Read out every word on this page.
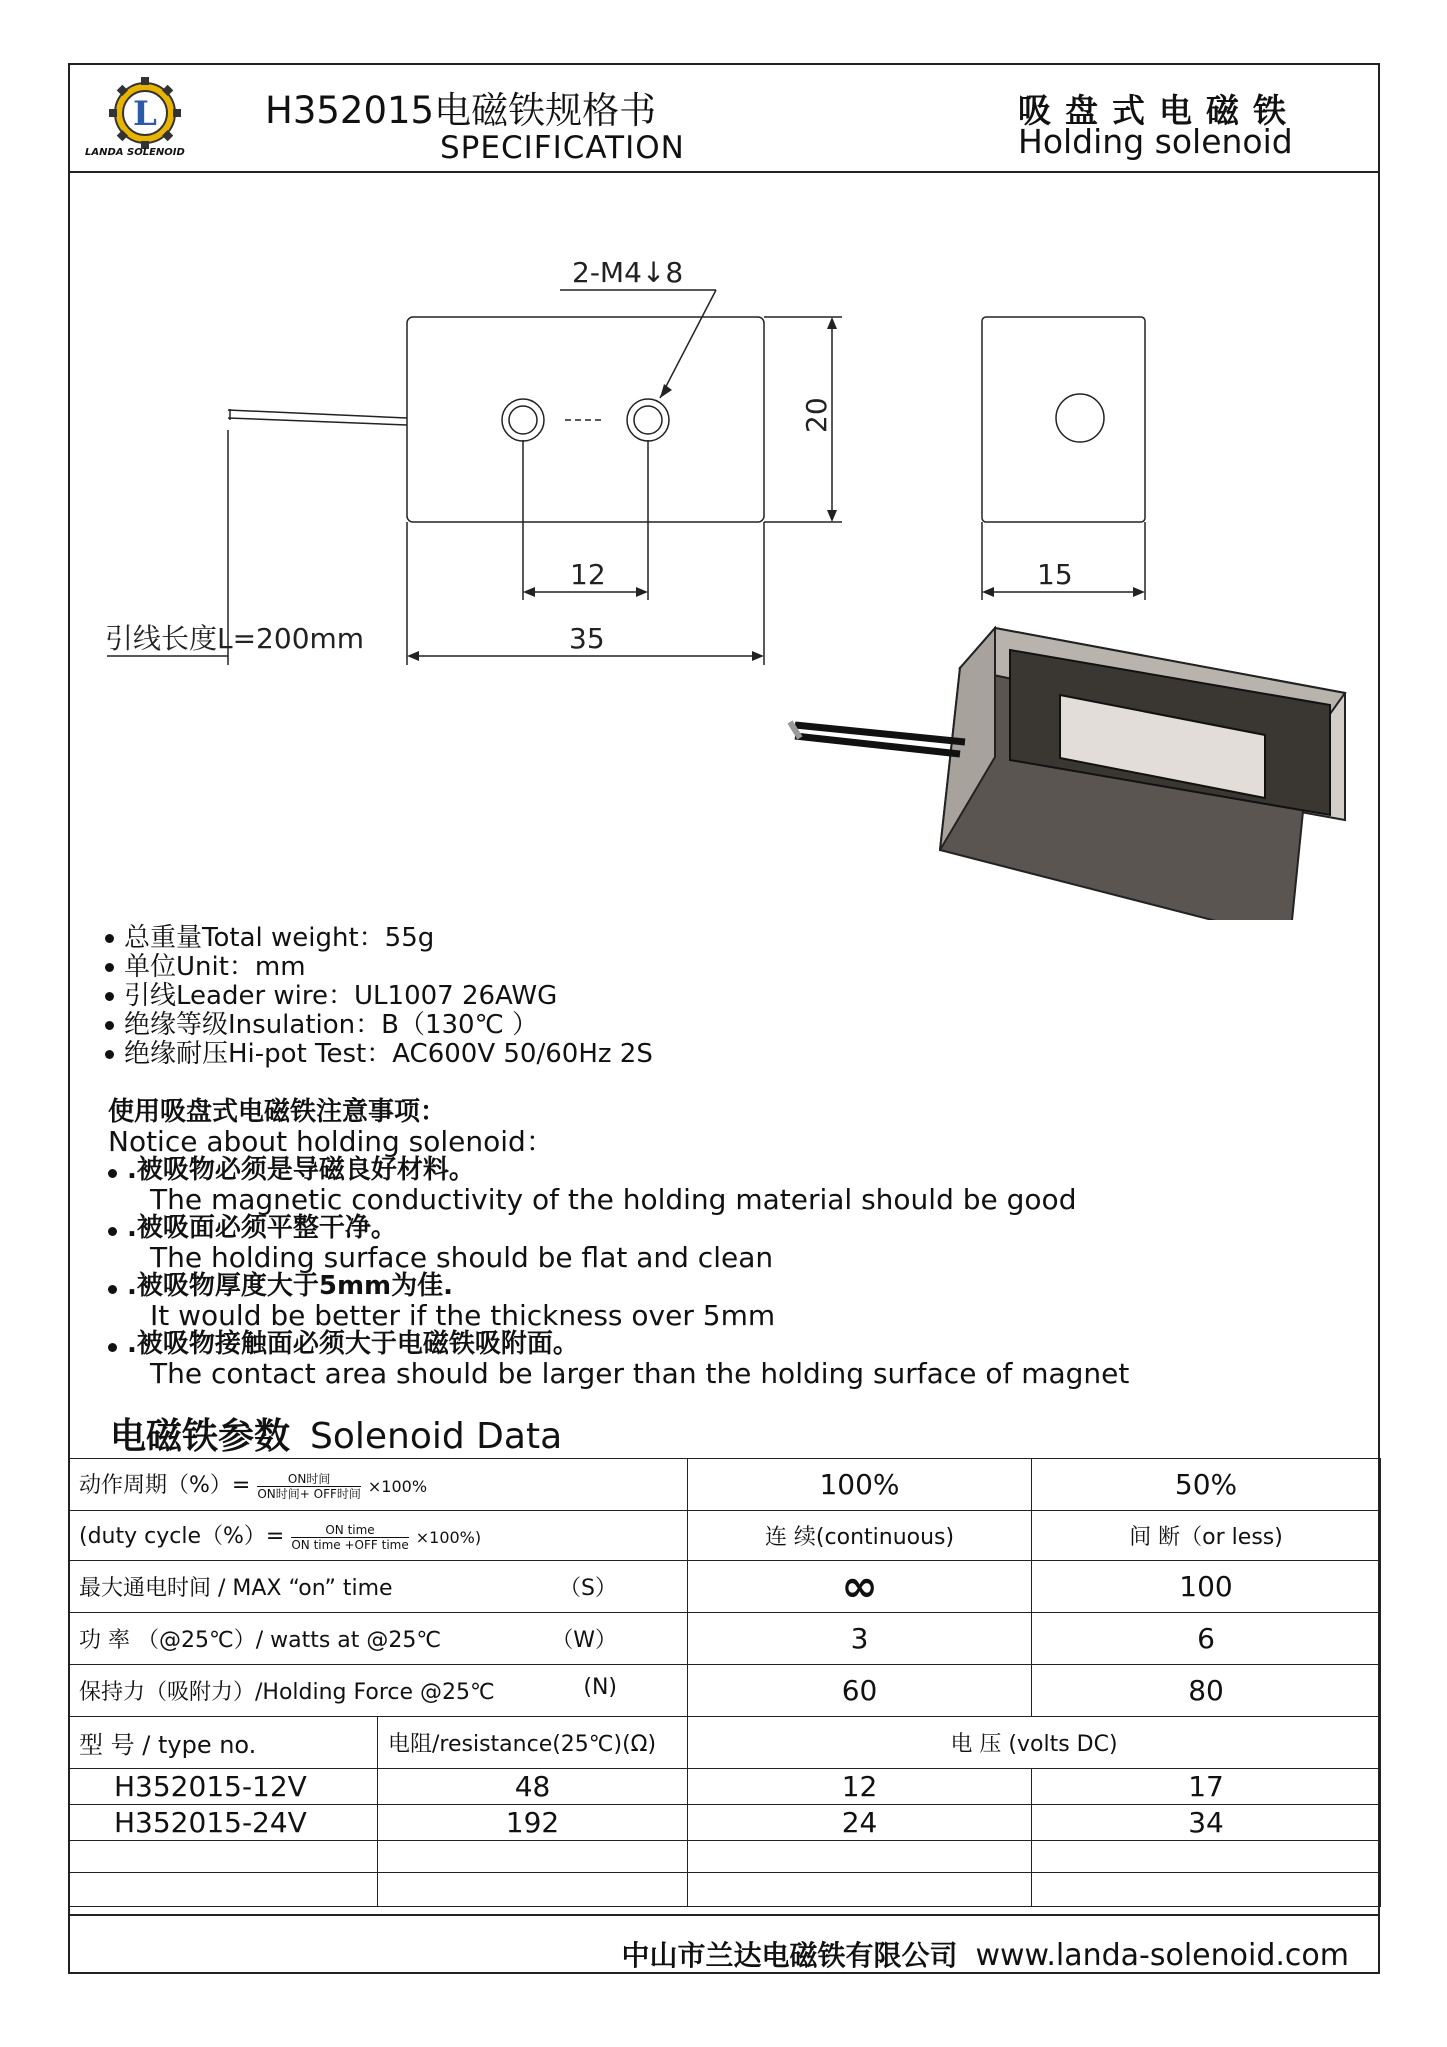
L
LANDA SOLENOID
H352015电磁铁规格书
SPECIFICATION
吸盘式电磁铁
Holding solenoid
2-M4↓8
20
12
35
15
引线长度L=200mm
总重量Total weight：55g
单位Unit：mm
引线Leader wire：UL1007 26AWG
绝缘等级Insulation：B（130℃ ）
绝缘耐压Hi-pot Test：AC600V 50/60Hz 2S
使用吸盘式电磁铁注意事项：
Notice about holding solenoid：
.被吸物必须是导磁良好材料。
The magnetic conductivity of the holding material should be good
.被吸面必须平整干净。
The holding surface should be flat and clean
.被吸物厚度大于5mm为佳.
It would be better if the thickness over 5mm
.被吸物接触面必须大于电磁铁吸附面。
The contact area should be larger than the holding surface of magnet
电磁铁参数 Solenoid Data
动作周期（%）= $\frac{\text{ON时间}}{\text{ON时间+ OFF时间}} \times 100\%$		100%	50%
(duty cycle（%）= $\frac{\text{ON time}}{\text{ON time +OFF time}} \times 100\%$)		连 续(continuous)	间 断（or less)
最大通电时间 / MAX “on” time （S）		∞	100
功 率 （@25℃）/ watts at @25℃ （W）		3	6
保持力（吸附力）/Holding Force @25℃ (N)		60	80
型 号 / type no.	电阻/resistance(25℃)(Ω)	电 压 (volts DC)	
H352015-12V	48	12	17
H352015-24V	192	24	34

中山市兰达电磁铁有限公司 www.landa-solenoid.com
